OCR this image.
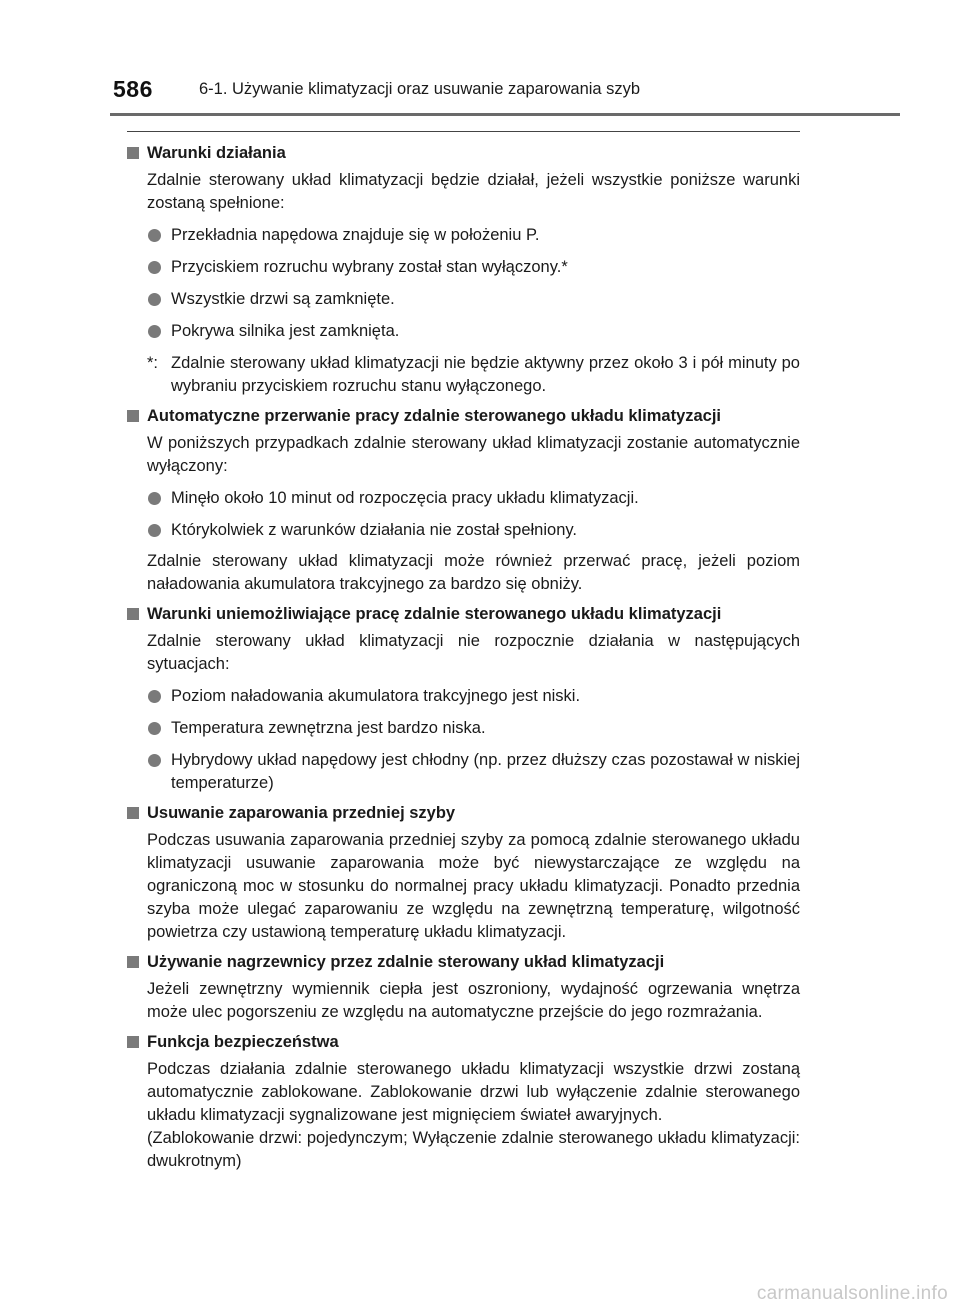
586	6-1. Używanie klimatyzacji oraz usuwanie zaparowania szyb
Warunki działania
Zdalnie sterowany układ klimatyzacji będzie działał, jeżeli wszystkie poniższe warunki zostaną spełnione:
Przekładnia napędowa znajduje się w położeniu P.
Przyciskiem rozruchu wybrany został stan wyłączony.*
Wszystkie drzwi są zamknięte.
Pokrywa silnika jest zamknięta.
*: Zdalnie sterowany układ klimatyzacji nie będzie aktywny przez około 3 i pół minuty po wybraniu przyciskiem rozruchu stanu wyłączonego.
Automatyczne przerwanie pracy zdalnie sterowanego układu klimatyzacji
W poniższych przypadkach zdalnie sterowany układ klimatyzacji zostanie automatycznie wyłączony:
Minęło około 10 minut od rozpoczęcia pracy układu klimatyzacji.
Którykolwiek z warunków działania nie został spełniony.
Zdalnie sterowany układ klimatyzacji może również przerwać pracę, jeżeli poziom naładowania akumulatora trakcyjnego za bardzo się obniży.
Warunki uniemożliwiające pracę zdalnie sterowanego układu klimatyzacji
Zdalnie sterowany układ klimatyzacji nie rozpocznie działania w następujących sytuacjach:
Poziom naładowania akumulatora trakcyjnego jest niski.
Temperatura zewnętrzna jest bardzo niska.
Hybrydowy układ napędowy jest chłodny (np. przez dłuższy czas pozostawał w niskiej temperaturze)
Usuwanie zaparowania przedniej szyby
Podczas usuwania zaparowania przedniej szyby za pomocą zdalnie sterowanego układu klimatyzacji usuwanie zaparowania może być niewystarczające ze względu na ograniczoną moc w stosunku do normalnej pracy układu klimatyzacji. Ponadto przednia szyba może ulegać zaparowaniu ze względu na zewnętrzną temperaturę, wilgotność powietrza czy ustawioną temperaturę układu klimatyzacji.
Używanie nagrzewnicy przez zdalnie sterowany układ klimatyzacji
Jeżeli zewnętrzny wymiennik ciepła jest oszroniony, wydajność ogrzewania wnętrza może ulec pogorszeniu ze względu na automatyczne przejście do jego rozmrażania.
Funkcja bezpieczeństwa
Podczas działania zdalnie sterowanego układu klimatyzacji wszystkie drzwi zostaną automatycznie zablokowane. Zablokowanie drzwi lub wyłączenie zdalnie sterowanego układu klimatyzacji sygnalizowane jest mignięciem świateł awaryjnych.
(Zablokowanie drzwi: pojedynczym; Wyłączenie zdalnie sterowanego układu klimatyzacji: dwukrotnym)
carmanualsonline.info
